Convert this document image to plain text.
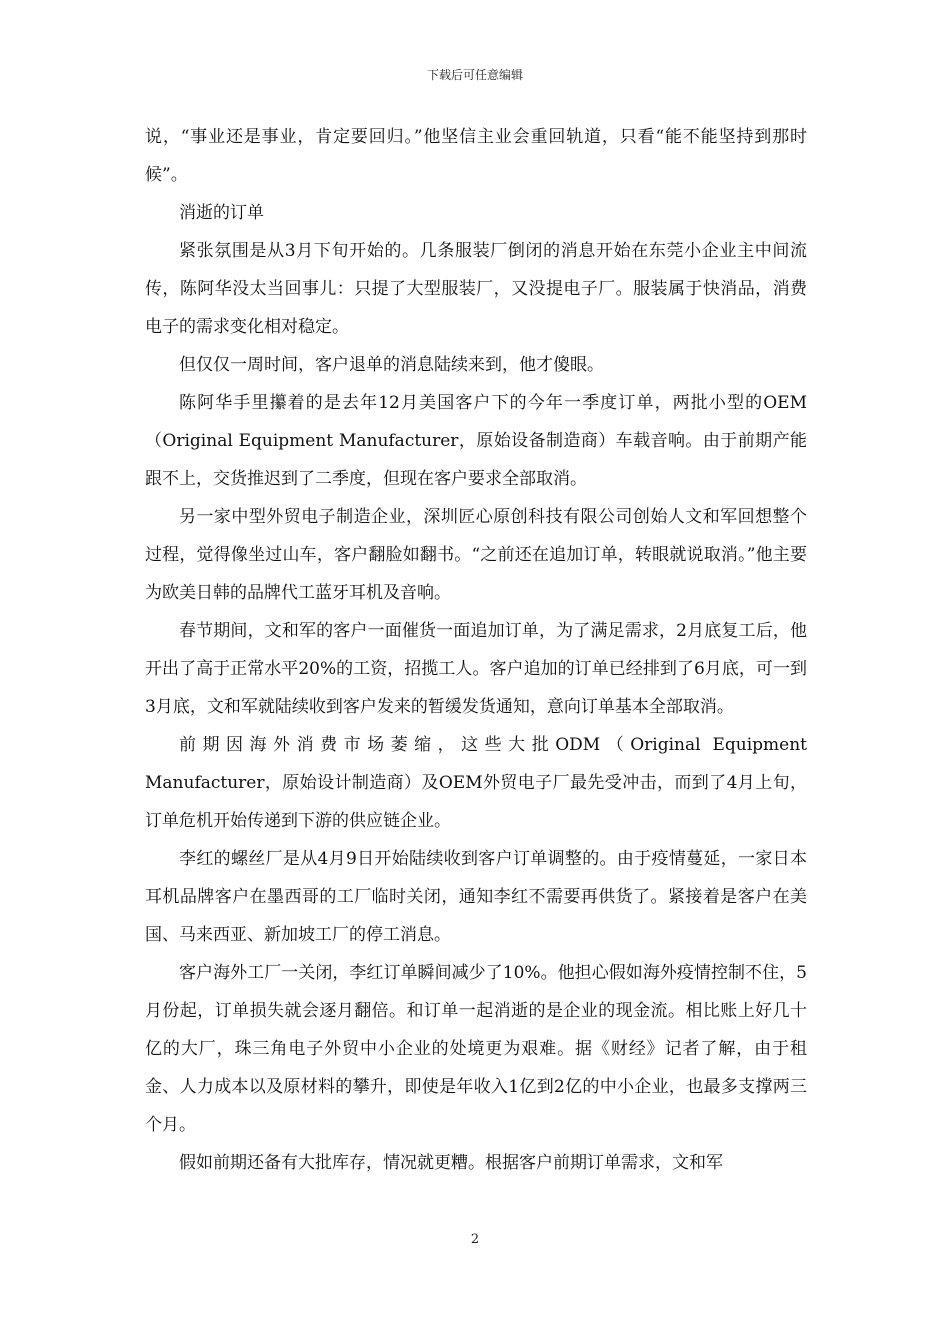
下载后可任意编辑

说，“事业还是事业，肯定要回归。”他坚信主业会重回轨道，只看“能不能坚持到那时候”。

消逝的订单

紧张氛围是从3月下旬开始的。几条服装厂倒闭的消息开始在东莞小企业主中间流传，陈阿华没太当回事儿：只提了大型服装厂，又没提电子厂。服装属于快消品，消费电子的需求变化相对稳定。

但仅仅一周时间，客户退单的消息陆续来到，他才傻眼。

陈阿华手里攥着的是去年12月美国客户下的今年一季度订单，两批小型的OEM（Original Equipment Manufacturer，原始设备制造商）车载音响。由于前期产能跟不上，交货推迟到了二季度，但现在客户要求全部取消。

另一家中型外贸电子制造企业，深圳匠心原创科技有限公司创始人文和军回想整个过程，觉得像坐过山车，客户翻脸如翻书。“之前还在追加订单，转眼就说取消。”他主要为欧美日韩的品牌代工蓝牙耳机及音响。

春节期间，文和军的客户一面催货一面追加订单，为了满足需求，2月底复工后，他开出了高于正常水平20%的工资，招揽工人。客户追加的订单已经排到了6月底，可一到3月底，文和军就陆续收到客户发来的暂缓发货通知，意向订单基本全部取消。

前期因海外消费市场萎缩，这些大批ODM（Original Equipment Manufacturer，原始设计制造商）及OEM外贸电子厂最先受冲击，而到了4月上旬，订单危机开始传递到下游的供应链企业。

李红的螺丝厂是从4月9日开始陆续收到客户订单调整的。由于疫情蔓延，一家日本耳机品牌客户在墨西哥的工厂临时关闭，通知李红不需要再供货了。紧接着是客户在美国、马来西亚、新加坡工厂的停工消息。

客户海外工厂一关闭，李红订单瞬间减少了10%。他担心假如海外疫情控制不住，5月份起，订单损失就会逐月翻倍。和订单一起消逝的是企业的现金流。相比账上好几十亿的大厂，珠三角电子外贸中小企业的处境更为艰难。据《财经》记者了解，由于租金、人力成本以及原材料的攀升，即使是年收入1亿到2亿的中小企业，也最多支撑两三个月。

假如前期还备有大批库存，情况就更糟。根据客户前期订单需求，文和军

2
